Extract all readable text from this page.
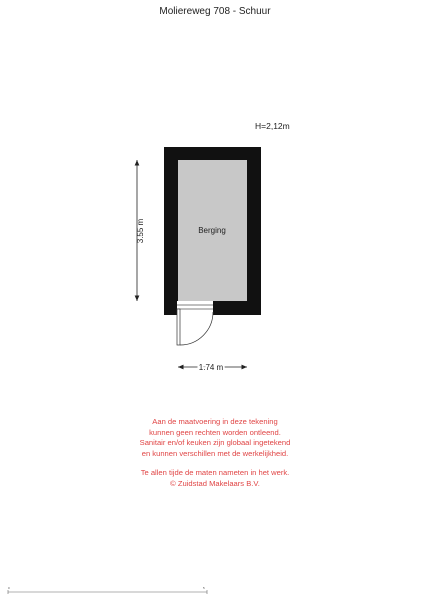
Moliereweg 708 - Schuur
H=2,12m
Berging
3.55 m
1.74 m
0	5
Aan de maatvoering in deze tekening
kunnen geen rechten worden ontleend.
Sanitair en/of keuken zijn globaal ingetekend
en kunnen verschillen met de werkelijkheid.
Te allen tijde de maten nameten in het werk.
© Zuidstad Makelaars B.V.
